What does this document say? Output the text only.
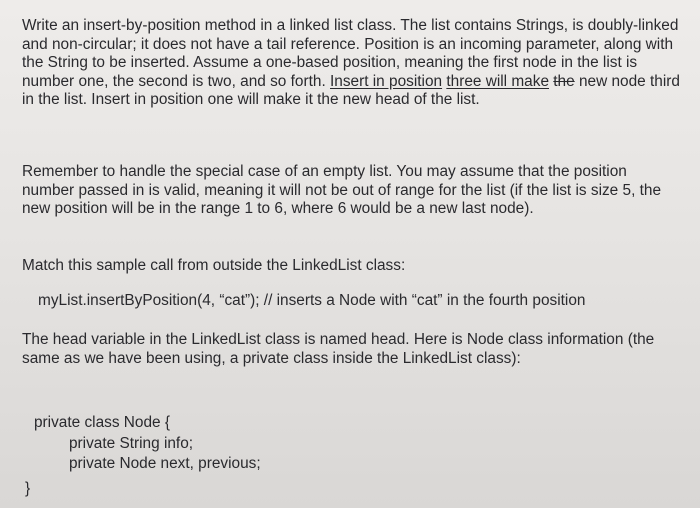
Write an insert-by-position method in a linked list class. The list contains Strings, is doubly-linked and non-circular; it does not have a tail reference. Position is an incoming parameter, along with the String to be inserted. Assume a one-based position, meaning the first node in the list is number one, the second is two, and so forth. Insert in position three will make the new node third in the list. Insert in position one will make it the new head of the list.

Remember to handle the special case of an empty list. You may assume that the position number passed in is valid, meaning it will not be out of range for the list (if the list is size 5, the new position will be in the range 1 to 6, where 6 would be a new last node).

Match this sample call from outside the LinkedList class:

myList.insertByPosition(4, “cat”); // inserts a Node with “cat” in the fourth position

The head variable in the LinkedList class is named head. Here is Node class information (the same as we have been using, a private class inside the LinkedList class):

private class Node {

private String info;

private Node next, previous;

}
